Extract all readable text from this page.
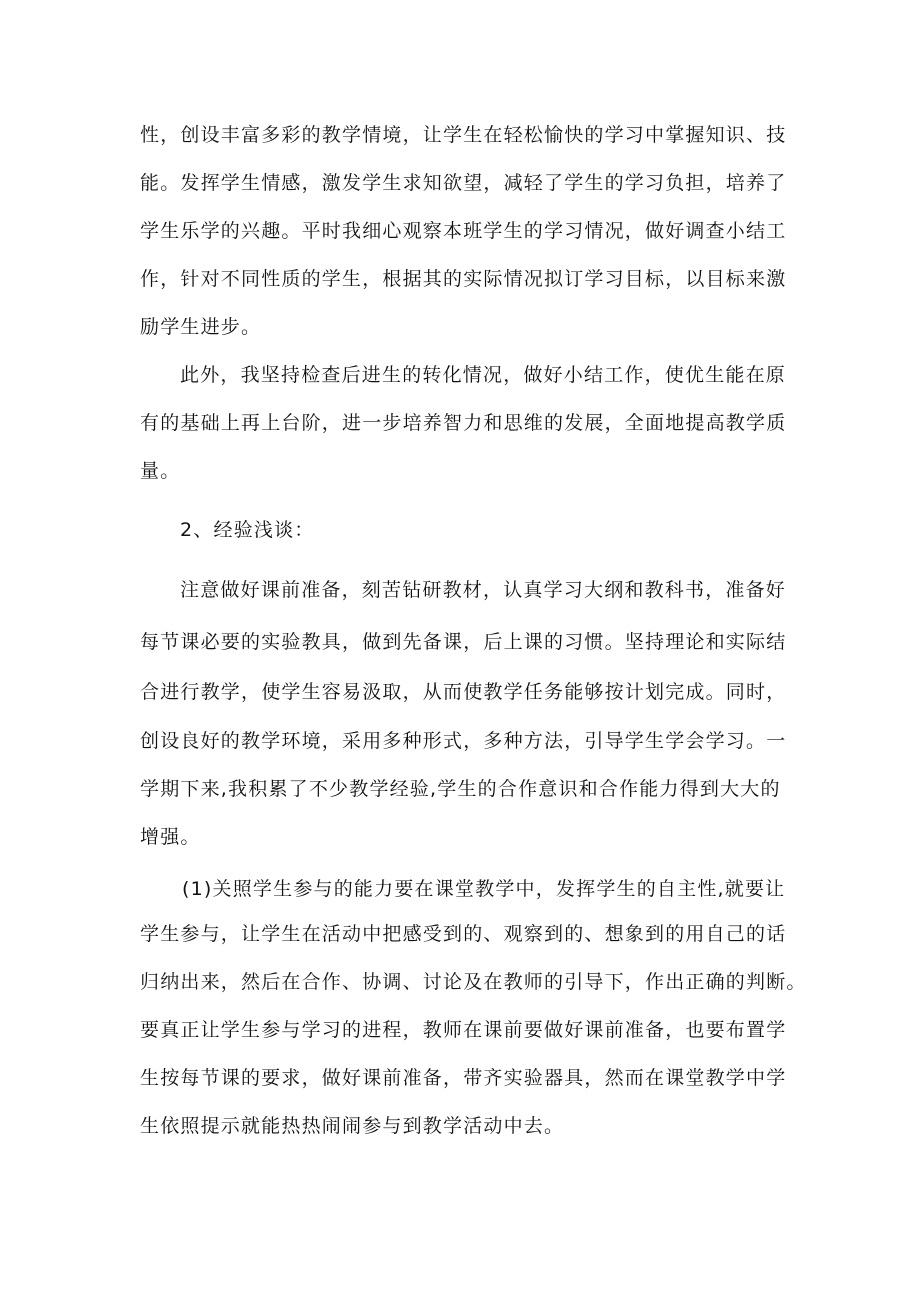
性，创设丰富多彩的教学情境，让学生在轻松愉快的学习中掌握知识、技

能。发挥学生情感，激发学生求知欲望，减轻了学生的学习负担，培养了

学生乐学的兴趣。平时我细心观察本班学生的学习情况，做好调查小结工

作，针对不同性质的学生，根据其的实际情况拟订学习目标，以目标来激

励学生进步。

此外，我坚持检查后进生的转化情况，做好小结工作，使优生能在原

有的基础上再上台阶，进一步培养智力和思维的发展，全面地提高教学质

量。

2、经验浅谈：

注意做好课前准备，刻苦钻研教材，认真学习大纲和教科书，准备好

每节课必要的实验教具，做到先备课，后上课的习惯。坚持理论和实际结

合进行教学，使学生容易汲取，从而使教学任务能够按计划完成。同时，

创设良好的教学环境，采用多种形式，多种方法，引导学生学会学习。一

学期下来,我积累了不少教学经验,学生的合作意识和合作能力得到大大的

增强。

(1)关照学生参与的能力要在课堂教学中，发挥学生的自主性,就要让

学生参与，让学生在活动中把感受到的、观察到的、想象到的用自己的话

归纳出来，然后在合作、协调、讨论及在教师的引导下，作出正确的判断。

要真正让学生参与学习的进程，教师在课前要做好课前准备，也要布置学

生按每节课的要求，做好课前准备，带齐实验器具，然而在课堂教学中学

生依照提示就能热热闹闹参与到教学活动中去。
